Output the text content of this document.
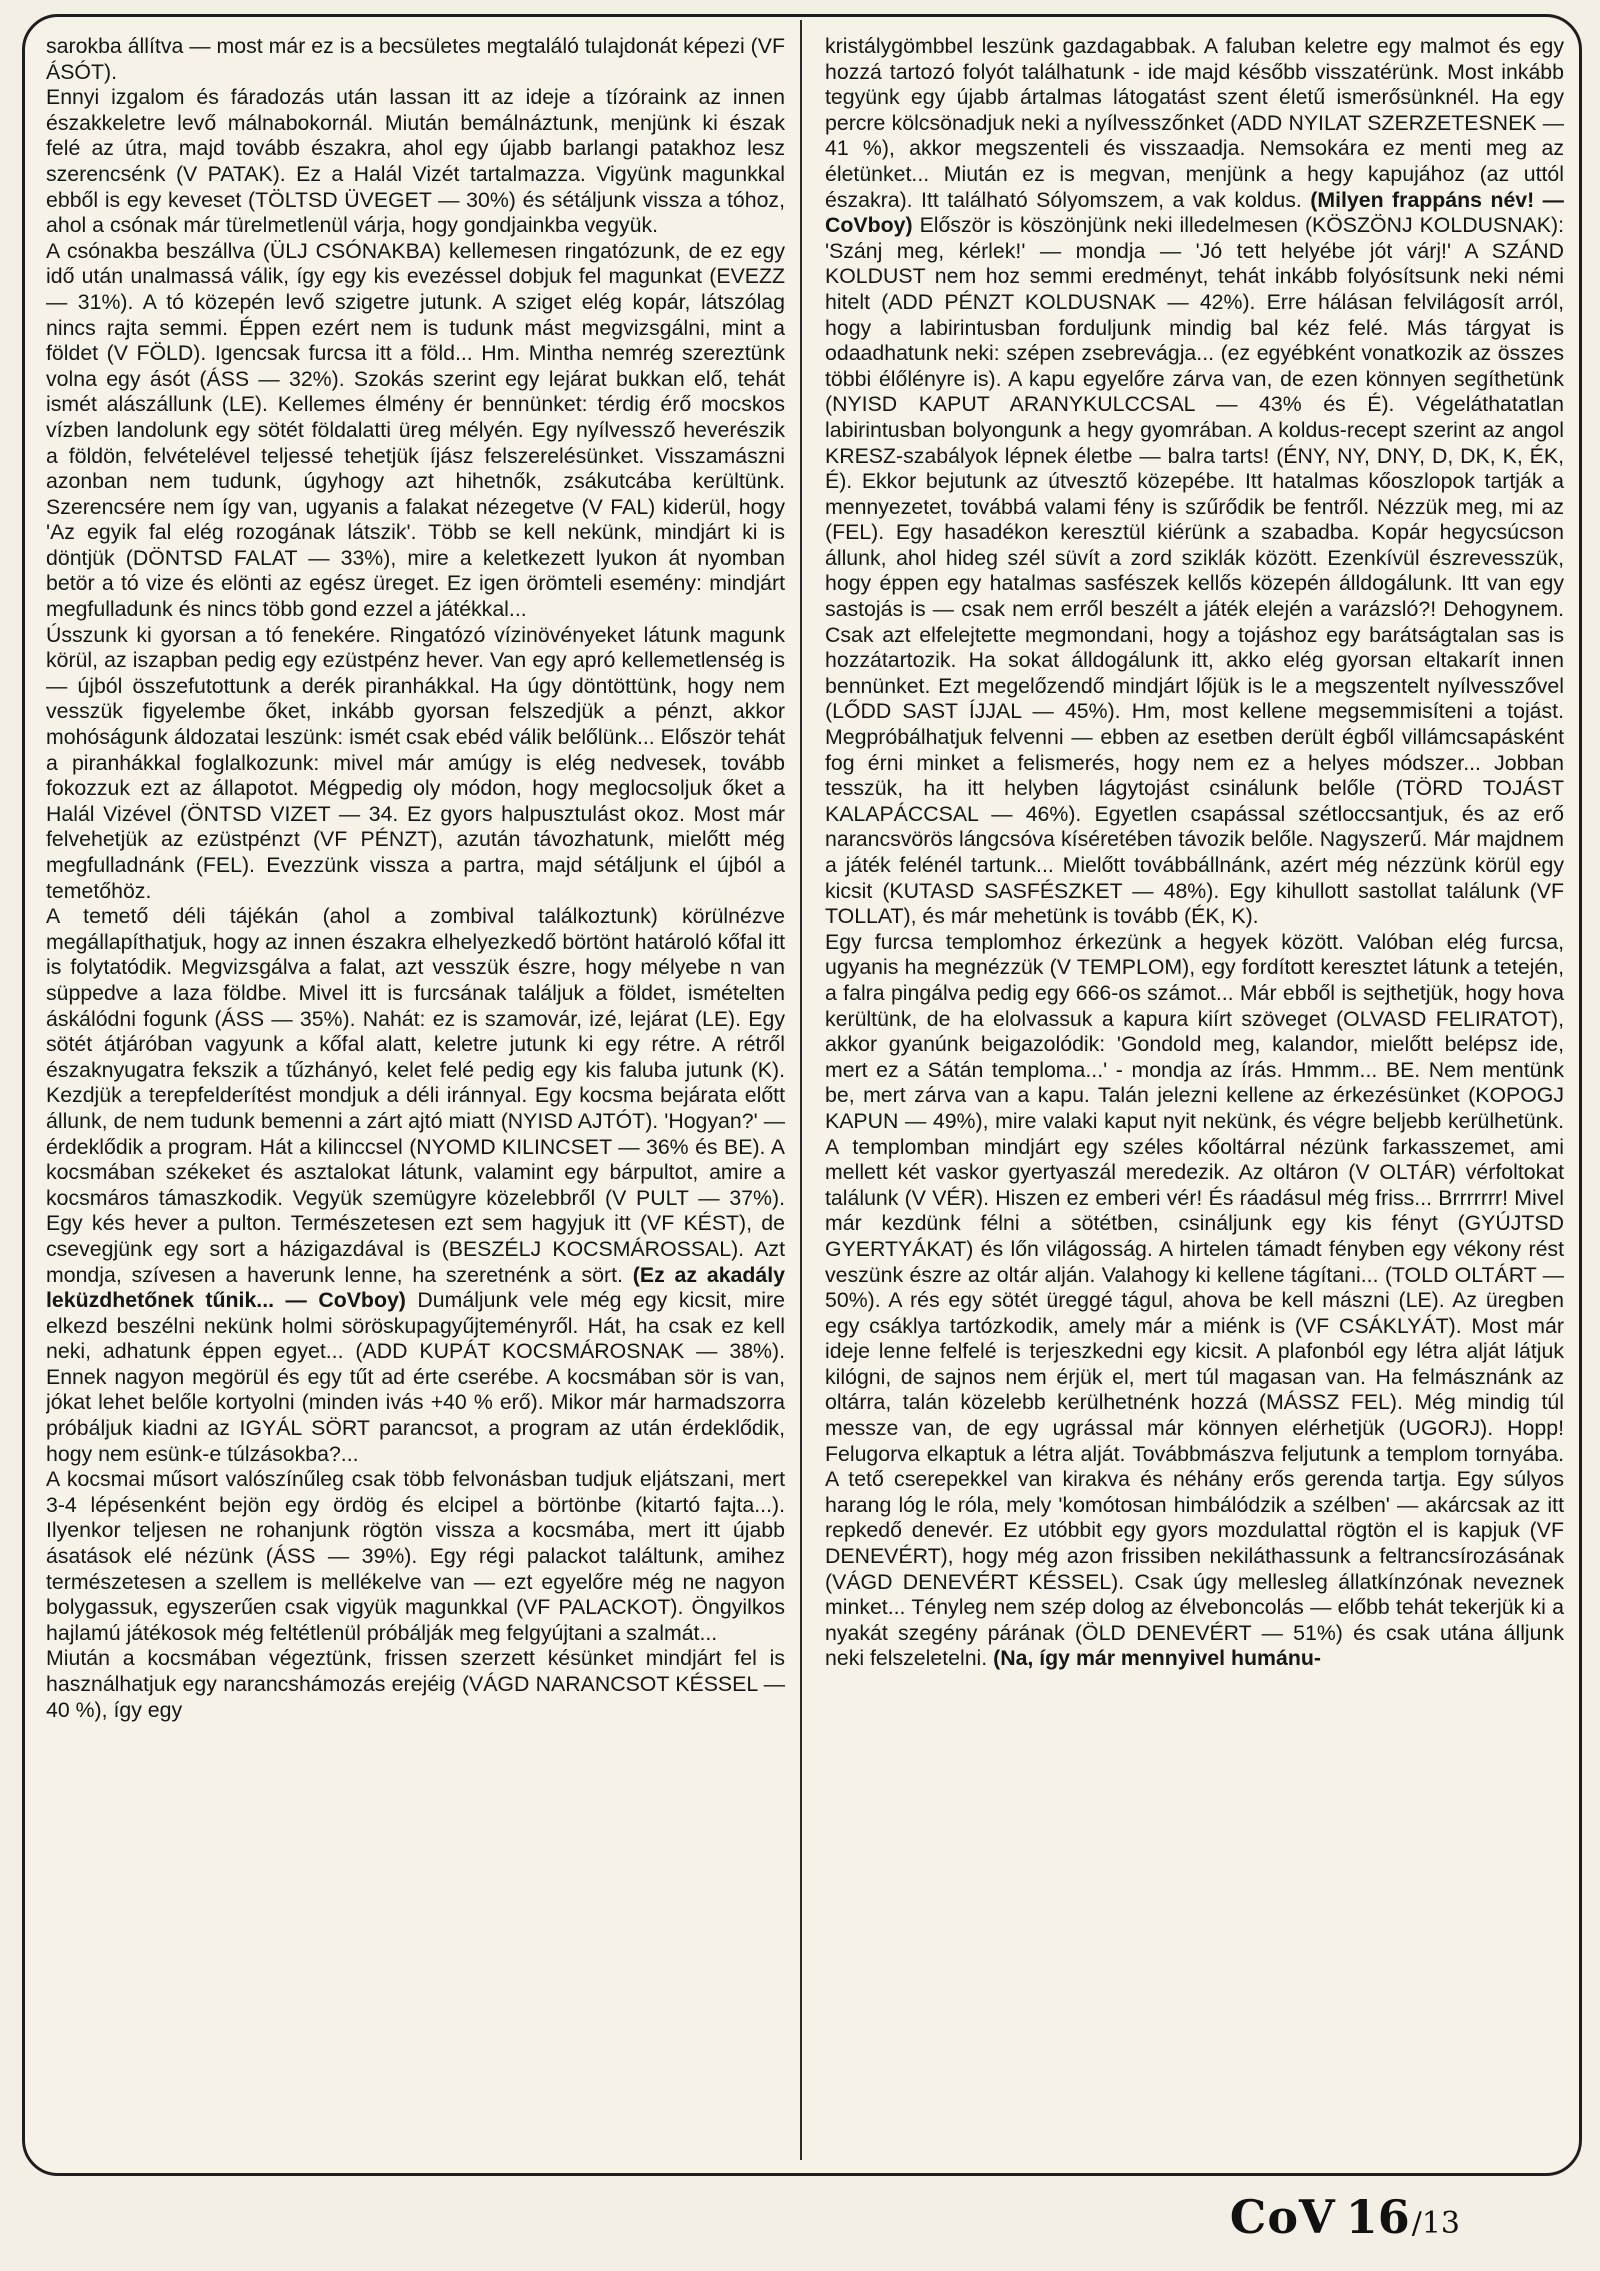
sarokba állítva — most már ez is a becsületes megtaláló tulajdonát képezi (VF ÁSÓT).

Ennyi izgalom és fáradozás után lassan itt az ideje a tízóraink az innen északkeletre levő málnabokornál. Miután bemálnáztunk, menjünk ki észak felé az útra, majd tovább északra, ahol egy újabb barlangi patakhoz lesz szerencsénk (V PATAK). Ez a Halál Vizét tartalmazza. Vigyünk magunkkal ebből is egy keveset (TÖLTSD ÜVEGET — 30%) és sétáljunk vissza a tóhoz, ahol a csónak már türelmetlenül várja, hogy gondjainkba vegyük.

A csónakba beszállva (ÜLJ CSÓNAKBA) kellemesen ringatózunk, de ez egy idő után unalmassá válik, így egy kis evezéssel dobjuk fel magunkat (EVEZZ — 31%). A tó közepén levő szigetre jutunk. A sziget elég kopár, látszólag nincs rajta semmi. Éppen ezért nem is tudunk mást megvizsgálni, mint a földet (V FÖLD). Igencsak furcsa itt a föld... Hm. Mintha nemrég szereztünk volna egy ásót (ÁSS — 32%). Szokás szerint egy lejárat bukkan elő, tehát ismét alászállunk (LE). Kellemes élmény ér bennünket: térdig érő mocskos vízben landolunk egy sötét földalatti üreg mélyén. Egy nyílvessző heverészik a földön, felvételével teljessé tehetjük íjász felszerelésünket. Visszamászni azonban nem tudunk, úgyhogy azt hihetnők, zsákutcába kerültünk. Szerencsére nem így van, ugyanis a falakat nézegetve (V FAL) kiderül, hogy 'Az egyik fal elég rozogának látszik'. Több se kell nekünk, mindjárt ki is döntjük (DÖNTSD FALAT — 33%), mire a keletkezett lyukon át nyomban betör a tó vize és elönti az egész üreget. Ez igen örömteli esemény: mindjárt megfulladunk és nincs több gond ezzel a játékkal...

Ússzunk ki gyorsan a tó fenekére. Ringatózó vízinövényeket látunk magunk körül, az iszapban pedig egy ezüstpénz hever. Van egy apró kellemetlenség is — újból összefutottunk a derék piranhákkal. Ha úgy döntöttünk, hogy nem vesszük figyelembe őket, inkább gyorsan felszedjük a pénzt, akkor mohóságunk áldozatai leszünk: ismét csak ebéd válik belőlünk... Először tehát a piranhákkal foglalkozunk: mivel már amúgy is elég nedvesek, tovább fokozzuk ezt az állapotot. Mégpedig oly módon, hogy meglocsoljuk őket a Halál Vizével (ÖNTSD VIZET — 34. Ez gyors halpusztulást okoz. Most már felvehetjük az ezüstpénzt (VF PÉNZT), azután távozhatunk, mielőtt még megfulladnánk (FEL). Evezzünk vissza a partra, majd sétáljunk el újból a temetőhöz.

A temető déli tájékán (ahol a zombival találkoztunk) körülnézve megállapíthatjuk, hogy az innen északra elhelyezkedő börtönt határoló kőfal itt is folytatódik. Megvizsgálva a falat, azt vesszük észre, hogy mélyebe n van süppedve a laza földbe. Mivel itt is furcsának találjuk a földet, ismételten áskálódni fogunk (ÁSS — 35%). Nahát: ez is szamovár, izé, lejárat (LE). Egy sötét átjáróban vagyunk a kőfal alatt, keletre jutunk ki egy rétre. A rétről északnyugatra fekszik a tűzhányó, kelet felé pedig egy kis faluba jutunk (K). Kezdjük a terepfelderítést mondjuk a déli iránnyal. Egy kocsma bejárata előtt állunk, de nem tudunk bemenni a zárt ajtó miatt (NYISD AJTÓT). 'Hogyan?' — érdeklődik a program. Hát a kilinccsel (NYOMD KILINCSET — 36% és BE). A kocsmában székeket és asztalokat látunk, valamint egy bárpultot, amire a kocsmáros támaszkodik. Vegyük szemügyre közelebbről (V PULT — 37%). Egy kés hever a pulton. Természetesen ezt sem hagyjuk itt (VF KÉST), de csevegjünk egy sort a házigazdával is (BESZÉLJ KOCSMÁROSSAL). Azt mondja, szívesen a haverunk lenne, ha szeretnénk a sört. (Ez az akadály leküzdhetőnek tűnik... — CoVboy) Dumáljunk vele még egy kicsit, mire elkezd beszélni nekünk holmi söröskupagyűjteményről. Hát, ha csak ez kell neki, adhatunk éppen egyet... (ADD KUPÁT KOCSMÁROSNAK — 38%). Ennek nagyon megörül és egy tűt ad érte cserébe. A kocsmában sör is van, jókat lehet belőle kortyolni (minden ivás +40 % erő). Mikor már harmadszorra próbáljuk kiadni az IGYÁL SÖRT parancsot, a program az után érdeklődik, hogy nem esünk-e túlzásokba?...

A kocsmai műsort valószínűleg csak több felvonásban tudjuk eljátszani, mert 3-4 lépésenként bejön egy ördög és elcipel a börtönbe (kitartó fajta...). Ilyenkor teljesen ne rohanjunk rögtön vissza a kocsmába, mert itt újabb ásatások elé nézünk (ÁSS — 39%). Egy régi palackot találtunk, amihez természetesen a szellem is mellékelve van — ezt egyelőre még ne nagyon bolygassuk, egyszerűen csak vigyük magunkkal (VF PALACKOT). Öngyilkos hajlamú játékosok még feltétlenül próbálják meg felgyújtani a szalmát...

Miután a kocsmában végeztünk, frissen szerzett késünket mindjárt fel is használhatjuk egy narancshámozás erejéig (VÁGD NARANCSOT KÉSSEL — 40 %), így egy

kristálygömbbel leszünk gazdagabbak. A faluban keletre egy malmot és egy hozzá tartozó folyót találhatunk - ide majd később visszatérünk. Most inkább tegyünk egy újabb ártalmas látogatást szent életű ismerősünknél. Ha egy percre kölcsönadjuk neki a nyílvesszőnket (ADD NYILAT SZERZETESNEK — 41 %), akkor megszenteli és visszaadja. Nemsokára ez menti meg az életünket... Miután ez is megvan, menjünk a hegy kapujához (az uttól északra). Itt található Sólyomszem, a vak koldus. (Milyen frappáns név! — CoVboy) Először is köszönjünk neki illedelmesen (KÖSZÖNJ KOLDUSNAK): 'Szánj meg, kérlek!' — mondja — 'Jó tett helyébe jót várj!' A SZÁND KOLDUST nem hoz semmi eredményt, tehát inkább folyósítsunk neki némi hitelt (ADD PÉNZT KOLDUSNAK — 42%). Erre hálásan felvilágosít arról, hogy a labirintusban forduljunk mindig bal kéz felé. Más tárgyat is odaadhatunk neki: szépen zsebrevágja... (ez egyébként vonatkozik az összes többi élőlényre is). A kapu egyelőre zárva van, de ezen könnyen segíthetünk (NYISD KAPUT ARANYKULCCSAL — 43% és É). Végeláthatatlan labirintusban bolyongunk a hegy gyomrában. A koldus-recept szerint az angol KRESZ-szabályok lépnek életbe — balra tarts! (ÉNY, NY, DNY, D, DK, K, ÉK, É). Ekkor bejutunk az útvesztő közepébe. Itt hatalmas kőoszlopok tartják a mennyezetet, továbbá valami fény is szűrődik be fentről. Nézzük meg, mi az (FEL). Egy hasadékon keresztül kiérünk a szabadba. Kopár hegycsúcson állunk, ahol hideg szél süvít a zord sziklák között. Ezenkívül észrevesszük, hogy éppen egy hatalmas sasfészek kellős közepén álldogálunk. Itt van egy sastojás is — csak nem erről beszélt a játék elején a varázsló?! Dehogynem. Csak azt elfelejtette megmondani, hogy a tojáshoz egy barátságtalan sas is hozzátartozik. Ha sokat álldogálunk itt, akko elég gyorsan eltakarít innen bennünket. Ezt megelőzendő mindjárt lőjük is le a megszentelt nyílvesszővel (LŐDD SAST ÍJJAL — 45%). Hm, most kellene megsemmisíteni a tojást. Megpróbálhatjuk felvenni — ebben az esetben derült égből villámcsapásként fog érni minket a felismerés, hogy nem ez a helyes módszer... Jobban tesszük, ha itt helyben lágytojást csinálunk belőle (TÖRD TOJÁST KALAPÁCCSAL — 46%). Egyetlen csapással szétloccsantjuk, és az erő narancsvörös lángcsóva kíséretében távozik belőle. Nagyszerű. Már majdnem a játék felénél tartunk... Mielőtt továbbállnánk, azért még nézzünk körül egy kicsit (KUTASD SASFÉSZKET — 48%). Egy kihullott sastollat találunk (VF TOLLAT), és már mehetünk is tovább (ÉK, K).

Egy furcsa templomhoz érkezünk a hegyek között. Valóban elég furcsa, ugyanis ha megnézzük (V TEMPLOM), egy fordított keresztet látunk a tetején, a falra pingálva pedig egy 666-os számot... Már ebből is sejthetjük, hogy hova kerültünk, de ha elolvassuk a kapura kiírt szöveget (OLVASD FELIRATOT), akkor gyanúnk beigazolódik: 'Gondold meg, kalandor, mielőtt belépsz ide, mert ez a Sátán temploma...' - mondja az írás. Hmmm... BE. Nem mentünk be, mert zárva van a kapu. Talán jelezni kellene az érkezésünket (KOPOGJ KAPUN — 49%), mire valaki kaput nyit nekünk, és végre beljebb kerülhetünk. A templomban mindjárt egy széles kőoltárral nézünk farkasszemet, ami mellett két vaskor gyertyaszál meredezik. Az oltáron (V OLTÁR) vérfoltokat találunk (V VÉR). Hiszen ez emberi vér! És ráadásul még friss... Brrrrrrr! Mivel már kezdünk félni a sötétben, csináljunk egy kis fényt (GYÚJTSD GYERTYÁKAT) és lőn világosság. A hirtelen támadt fényben egy vékony rést veszünk észre az oltár alján. Valahogy ki kellene tágítani... (TOLD OLTÁRT — 50%). A rés egy sötét üreggé tágul, ahova be kell mászni (LE). Az üregben egy csáklya tartózkodik, amely már a miénk is (VF CSÁKLYÁT). Most már ideje lenne felfelé is terjeszkedni egy kicsit. A plafonból egy létra alját látjuk kilógni, de sajnos nem érjük el, mert túl magasan van. Ha felmásznánk az oltárra, talán közelebb kerülhetnénk hozzá (MÁSSZ FEL). Még mindig túl messze van, de egy ugrással már könnyen elérhetjük (UGORJ). Hopp! Felugorva elkaptuk a létra alját. Továbbmászva feljutunk a templom tornyába. A tető cserepekkel van kirakva és néhány erős gerenda tartja. Egy súlyos harang lóg le róla, mely 'komótosan himbálódzik a szélben' — akárcsak az itt repkedő denevér. Ez utóbbit egy gyors mozdulattal rögtön el is kapjuk (VF DENEVÉRT), hogy még azon frissiben nekiláthassunk a feltrancsírozásának (VÁGD DENEVÉRT KÉSSEL). Csak úgy mellesleg állatkínzónak neveznek minket... Tényleg nem szép dolog az élveboncolás — előbb tehát tekerjük ki a nyakát szegény párának (ÖLD DENEVÉRT — 51%) és csak utána álljunk neki felszeletelni. (Na, így már mennyivel humánu-

CoV 16 / 13
